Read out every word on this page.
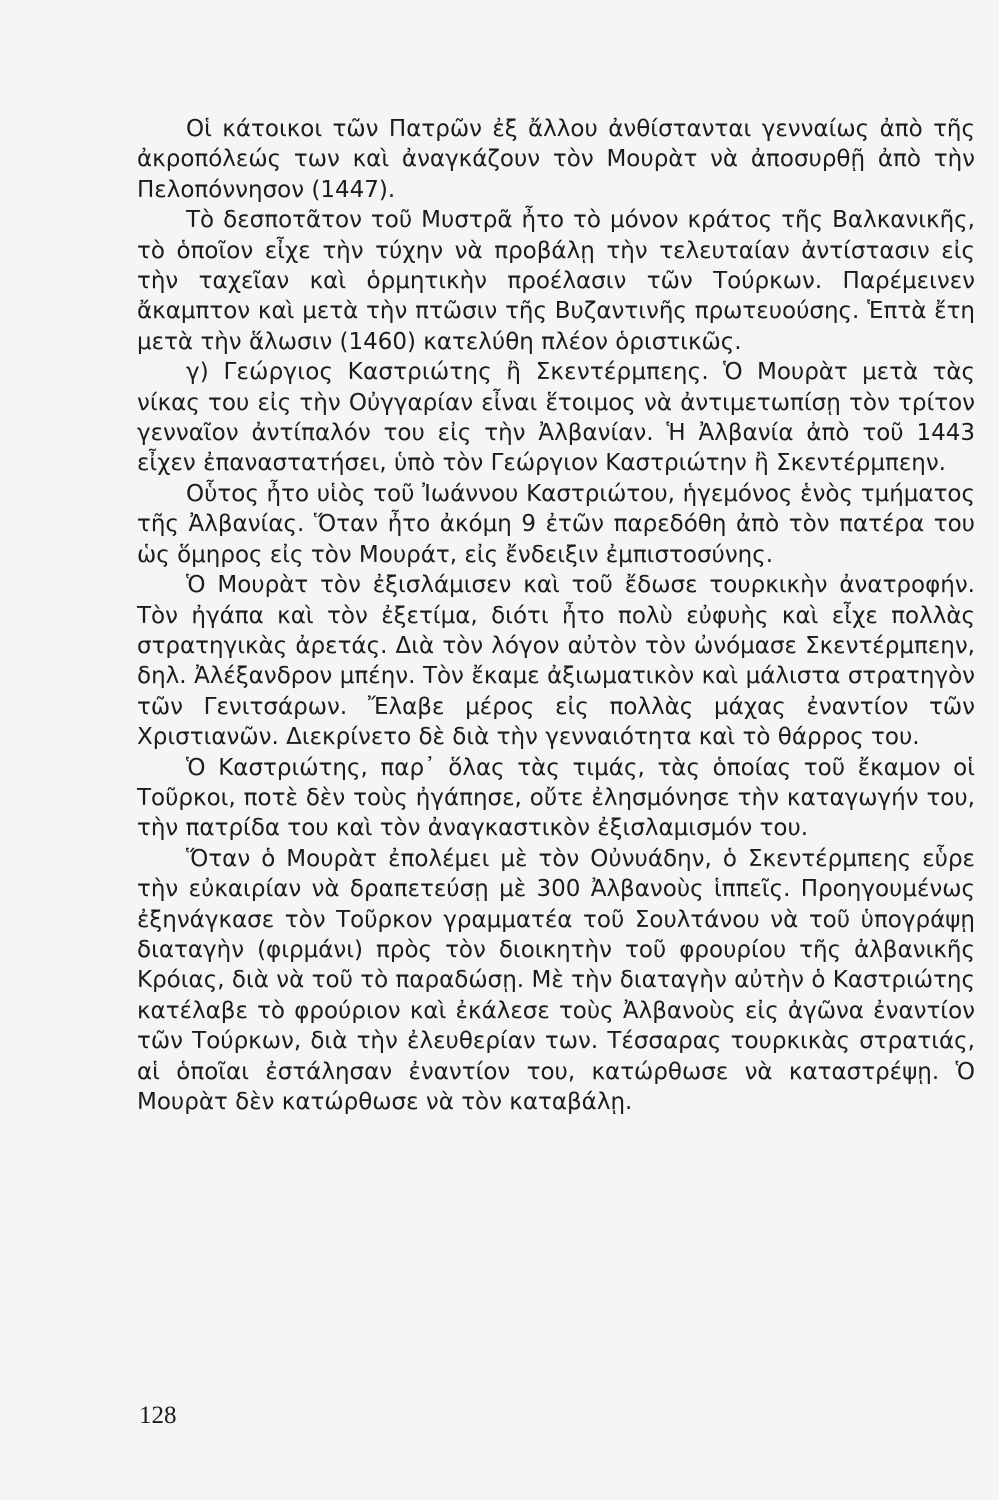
Οἱ κάτοικοι τῶν Πατρῶν ἐξ ἄλλου ἀνθίστανται γενναίως ἀπὸ τῆς ἀκροπόλεώς των καὶ ἀναγκάζουν τὸν Μουρὰτ νὰ ἀποσυρθῇ ἀπὸ τὴν Πελοπόννησον (1447).

Τὸ δεσποτᾶτον τοῦ Μυστρᾶ ἦτο τὸ μόνον κράτος τῆς Βαλκανικῆς, τὸ ὁποῖον εἶχε τὴν τύχην νὰ προβάλῃ τὴν τελευταίαν ἀντίστασιν εἰς τὴν ταχεῖαν καὶ ὁρμητικὴν προέλασιν τῶν Τούρκων. Παρέμεινεν ἄκαμπτον καὶ μετὰ τὴν πτῶσιν τῆς Βυζαντινῆς πρωτευούσης. Ἑπτὰ ἔτη μετὰ τὴν ἅλωσιν (1460) κατελύθη πλέον ὁριστικῶς.

γ) Γεώργιος Καστριώτης ἢ Σκεντέρμπεης. Ὁ Μουρὰτ μετὰ τὰς νίκας του εἰς τὴν Οὐγγαρίαν εἶναι ἕτοιμος νὰ ἀντιμετωπίσῃ τὸν τρίτον γενναῖον ἀντίπαλόν του εἰς τὴν Ἀλβανίαν. Ἡ Ἀλβανία ἀπὸ τοῦ 1443 εἶχεν ἐπαναστατήσει, ὑπὸ τὸν Γεώργιον Καστριώτην ἢ Σκεντέρμπεην.

Οὗτος ἦτο υἱὸς τοῦ Ἰωάννου Καστριώτου, ἡγεμόνος ἑνὸς τμήματος τῆς Ἀλβανίας. Ὅταν ἦτο ἀκόμη 9 ἐτῶν παρεδόθη ἀπὸ τὸν πατέρα του ὡς ὅμηρος εἰς τὸν Μουράτ, εἰς ἔνδειξιν ἐμπιστοσύνης.

Ὁ Μουρὰτ τὸν ἐξισλάμισεν καὶ τοῦ ἔδωσε τουρκικὴν ἀνατροφήν. Τὸν ἠγάπα καὶ τὸν ἐξετίμα, διότι ἦτο πολὺ εὐφυὴς καὶ εἶχε πολλὰς στρατηγικὰς ἀρετάς. Διὰ τὸν λόγον αὐτὸν τὸν ὠνόμασε Σκεντέρμπεην, δηλ. Ἀλέξανδρον μπέην. Τὸν ἔκαμε ἀξιωματικὸν καὶ μάλιστα στρατηγὸν τῶν Γενιτσάρων. Ἔλαβε μέρος εἰς πολλὰς μάχας ἐναντίον τῶν Χριστιανῶν. Διεκρίνετο δὲ διὰ τὴν γενναιότητα καὶ τὸ θάρρος του.

Ὁ Καστριώτης, παρ᾽ ὅλας τὰς τιμάς, τὰς ὁποίας τοῦ ἔκαμον οἱ Τοῦρκοι, ποτὲ δὲν τοὺς ἠγάπησε, οὔτε ἐλησμόνησε τὴν καταγωγήν του, τὴν πατρίδα του καὶ τὸν ἀναγκαστικὸν ἐξισλαμισμόν του.

Ὅταν ὁ Μουρὰτ ἐπολέμει μὲ τὸν Οὐνυάδην, ὁ Σκεντέρμπεης εὗρε τὴν εὐκαιρίαν νὰ δραπετεύσῃ μὲ 300 Ἀλβανοὺς ἱππεῖς. Προηγουμένως ἐξηνάγκασε τὸν Τοῦρκον γραμματέα τοῦ Σουλτάνου νὰ τοῦ ὑπογράψῃ διαταγὴν (φιρμάνι) πρὸς τὸν διοικητὴν τοῦ φρουρίου τῆς ἀλβανικῆς Κρόιας, διὰ νὰ τοῦ τὸ παραδώσῃ. Μὲ τὴν διαταγὴν αὐτὴν ὁ Καστριώτης κατέλαβε τὸ φρούριον καὶ ἐκάλεσε τοὺς Ἀλβανοὺς εἰς ἀγῶνα ἐναντίον τῶν Τούρκων, διὰ τὴν ἐλευθερίαν των. Τέσσαρας τουρκικὰς στρατιάς, αἱ ὁποῖαι ἐστάλησαν ἐναντίον του, κατώρθωσε νὰ καταστρέψῃ. Ὁ Μουρὰτ δὲν κατώρθωσε νὰ τὸν καταβάλῃ.

128
